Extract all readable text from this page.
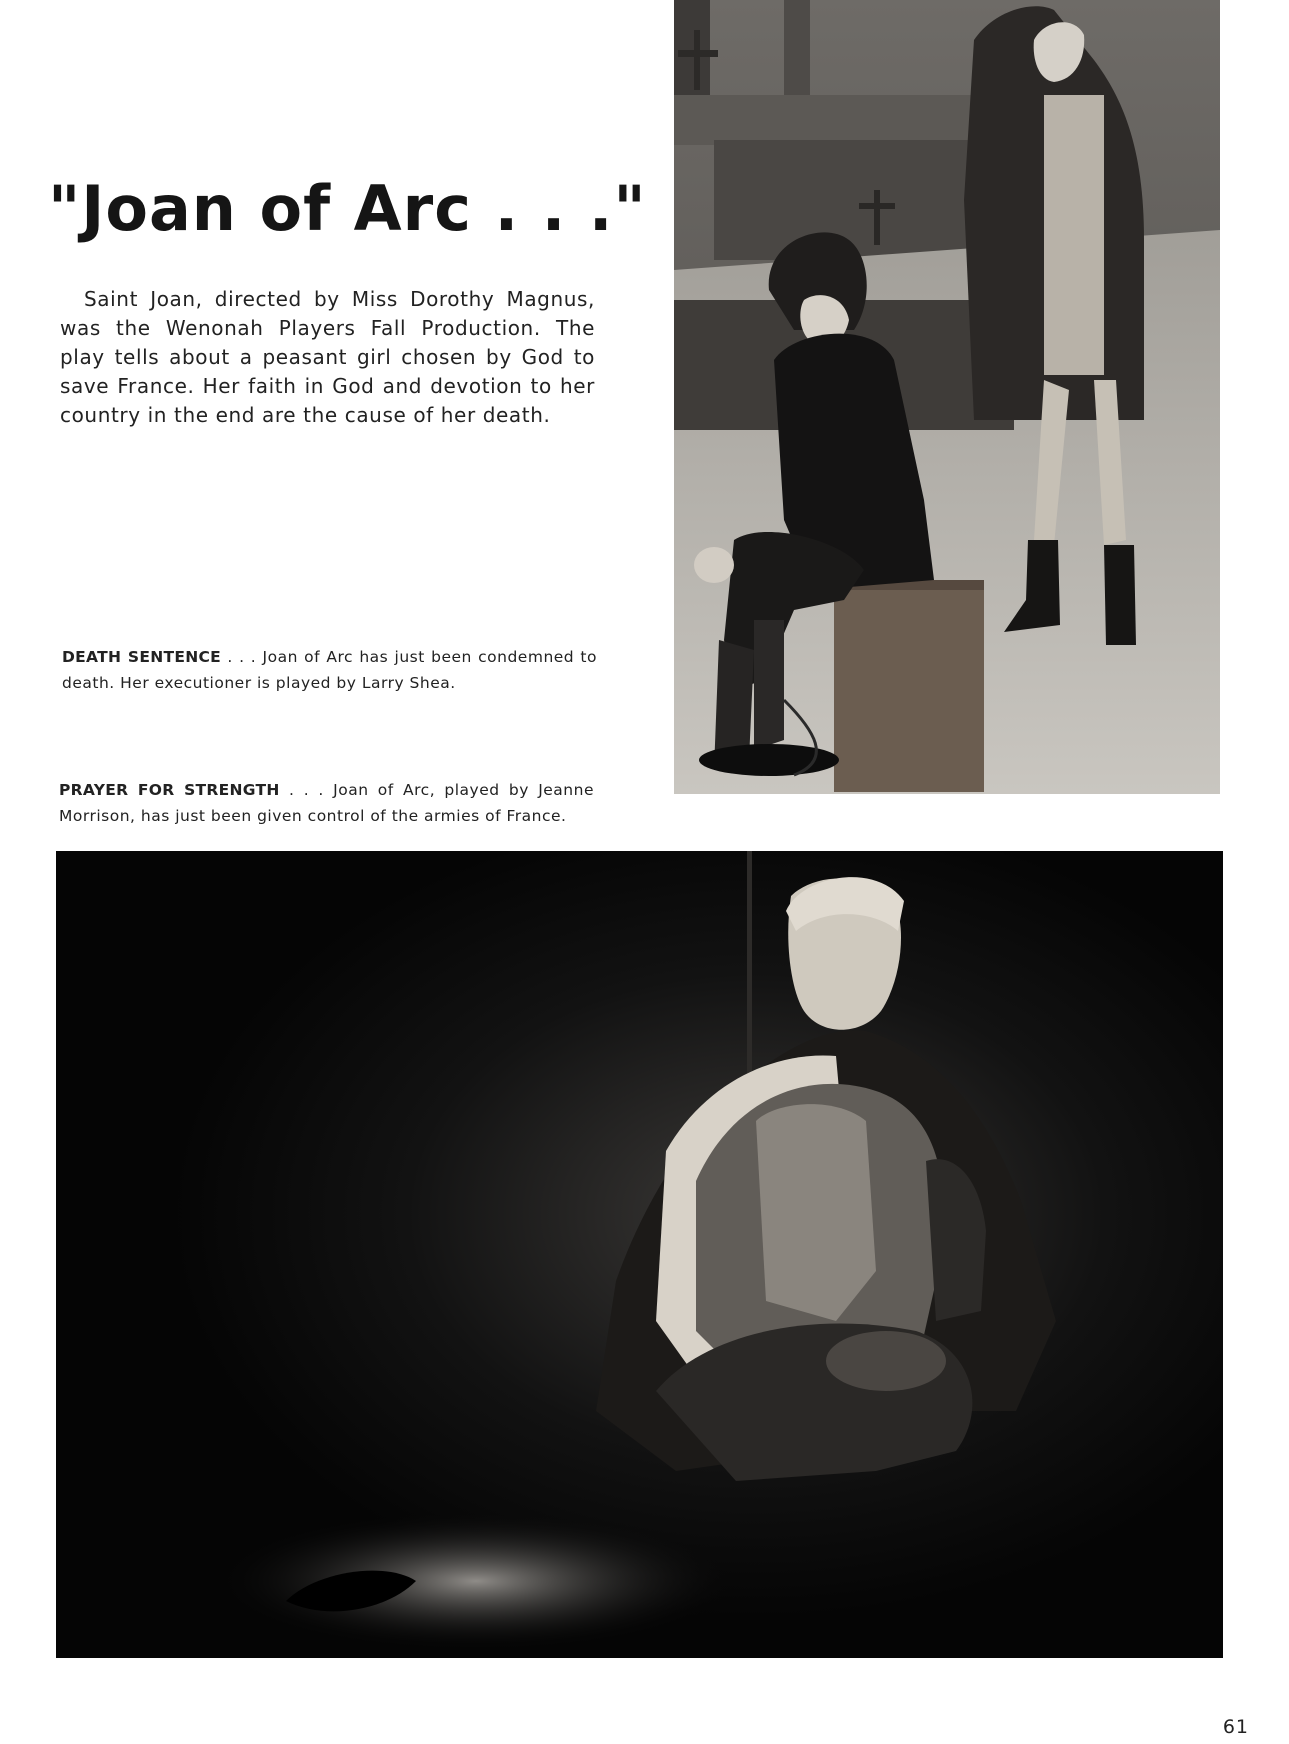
"Joan of Arc . . ."

Saint Joan, directed by Miss Dorothy Magnus, was the Wenonah Players Fall Production. The play tells about a peasant girl chosen by God to save France. Her faith in God and devotion to her country in the end are the cause of her death.

DEATH SENTENCE . . . Joan of Arc has just been condemned to death. Her executioner is played by Larry Shea.

PRAYER FOR STRENGTH . . . Joan of Arc, played by Jeanne Morrison, has just been given control of the armies of France.

61
